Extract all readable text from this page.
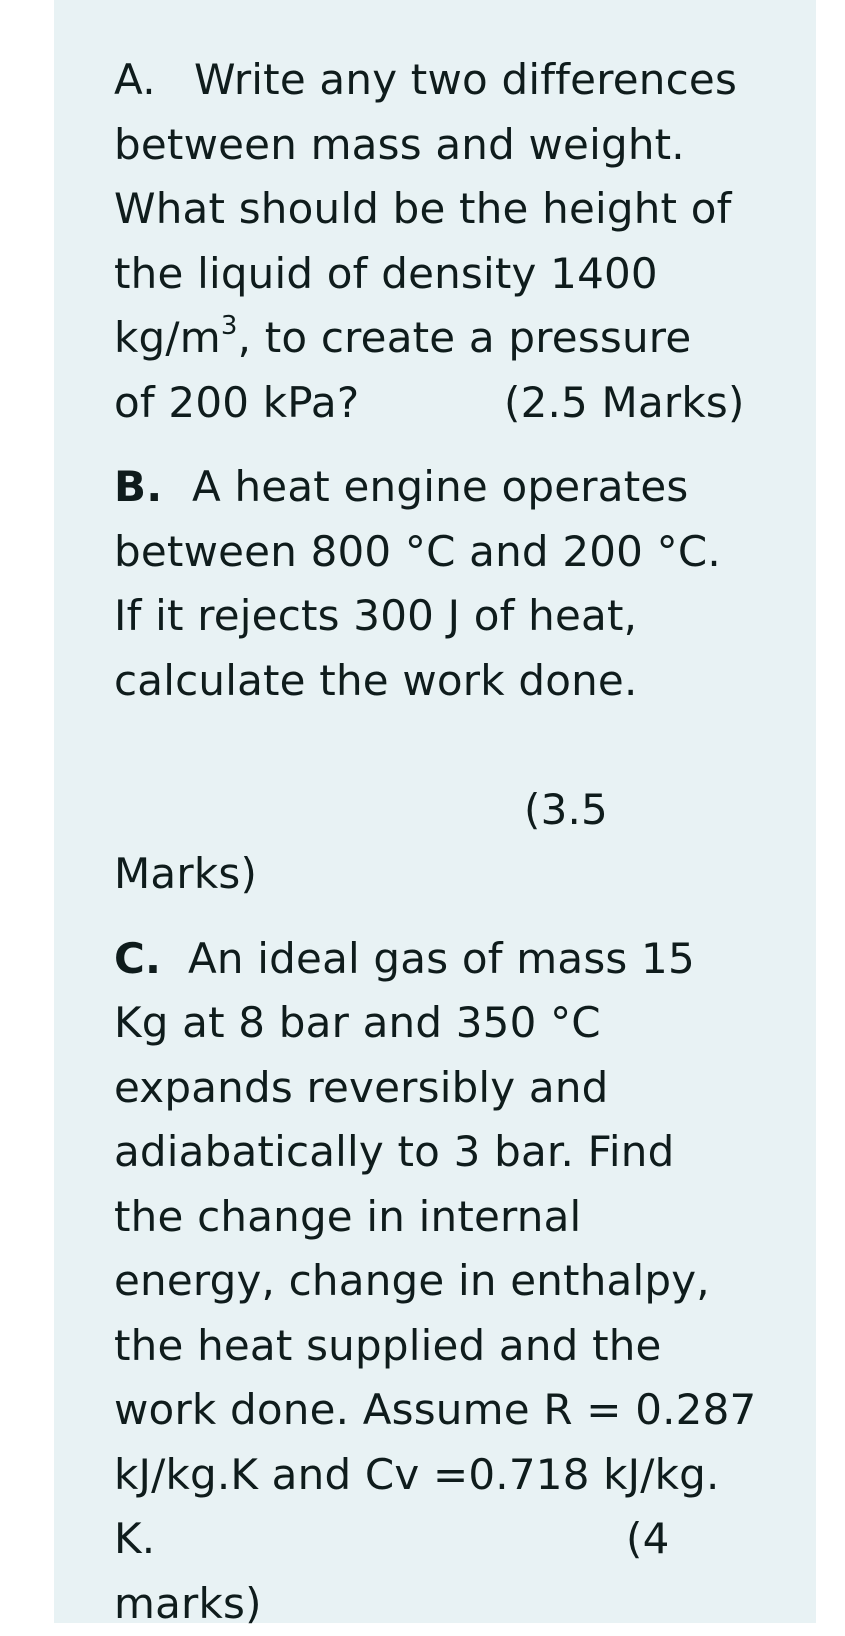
A. Write any two differences
between mass and weight.
What should be the height of
the liquid of density 1400
$kg/m^3$, to create a pressure
of 200 kPa?	(2.5 Marks)
B. A heat engine operates
between 800 °C and 200 °C.
If it rejects 300 J of heat,
calculate the work done.
(3.5
Marks)
C. An ideal gas of mass 15
Kg at 8 bar and 350 °C
expands reversibly and
adiabatically to 3 bar. Find
the change in internal
energy, change in enthalpy,
the heat supplied and the
work done. Assume R = 0.287
kJ/kg.K and Cv =0.718 kJ/kg.
K.	(4
marks)
